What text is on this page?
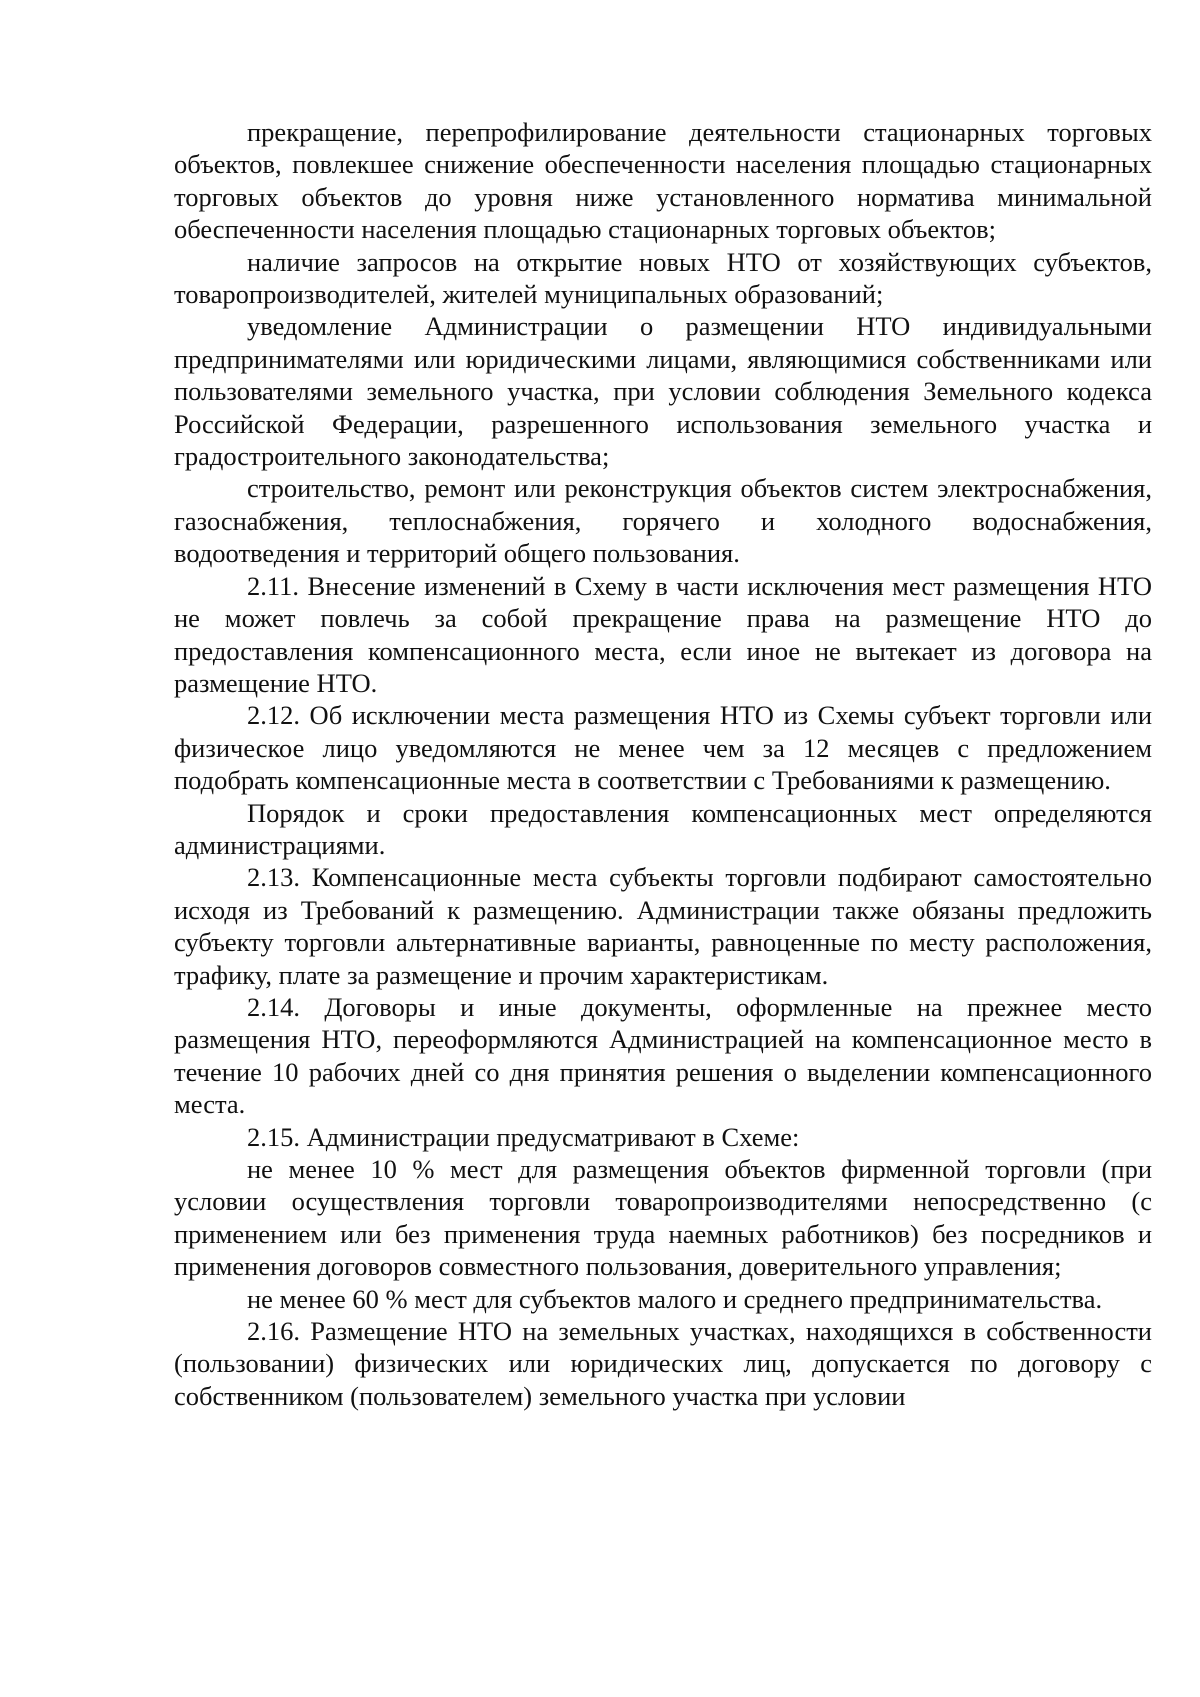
прекращение, перепрофилирование деятельности стационарных торговых объектов, повлекшее снижение обеспеченности населения площадью стационарных торговых объектов до уровня ниже установленного норматива минимальной обеспеченности населения площадью стационарных торговых объектов;

наличие запросов на открытие новых НТО от хозяйствующих субъектов, товаропроизводителей, жителей муниципальных образований;

уведомление Администрации о размещении НТО индивидуальными предпринимателями или юридическими лицами, являющимися собственниками или пользователями земельного участка, при условии соблюдения Земельного кодекса Российской Федерации, разрешенного использования земельного участка и градостроительного законодательства;

строительство, ремонт или реконструкция объектов систем электроснабжения, газоснабжения, теплоснабжения, горячего и холодного водоснабжения, водоотведения и территорий общего пользования.

2.11. Внесение изменений в Схему в части исключения мест размещения НТО не может повлечь за собой прекращение права на размещение НТО до предоставления компенсационного места, если иное не вытекает из договора на размещение НТО.

2.12. Об исключении места размещения НТО из Схемы субъект торговли или физическое лицо уведомляются не менее чем за 12 месяцев с предложением подобрать компенсационные места в соответствии с Требованиями к размещению.

Порядок и сроки предоставления компенсационных мест определяются администрациями.

2.13. Компенсационные места субъекты торговли подбирают самостоятельно исходя из Требований к размещению. Администрации также обязаны предложить субъекту торговли альтернативные варианты, равноценные по месту расположения, трафику, плате за размещение и прочим характеристикам.

2.14. Договоры и иные документы, оформленные на прежнее место размещения НТО, переоформляются Администрацией на компенсационное место в течение 10 рабочих дней со дня принятия решения о выделении компенсационного места.

2.15. Администрации предусматривают в Схеме:

не менее 10 % мест для размещения объектов фирменной торговли (при условии осуществления торговли товаропроизводителями непосредственно (с применением или без применения труда наемных работников) без посредников и применения договоров совместного пользования, доверительного управления;

не менее 60 % мест для субъектов малого и среднего предпринимательства.

2.16. Размещение НТО на земельных участках, находящихся в собственности (пользовании) физических или юридических лиц, допускается по договору с собственником (пользователем) земельного участка при условии
